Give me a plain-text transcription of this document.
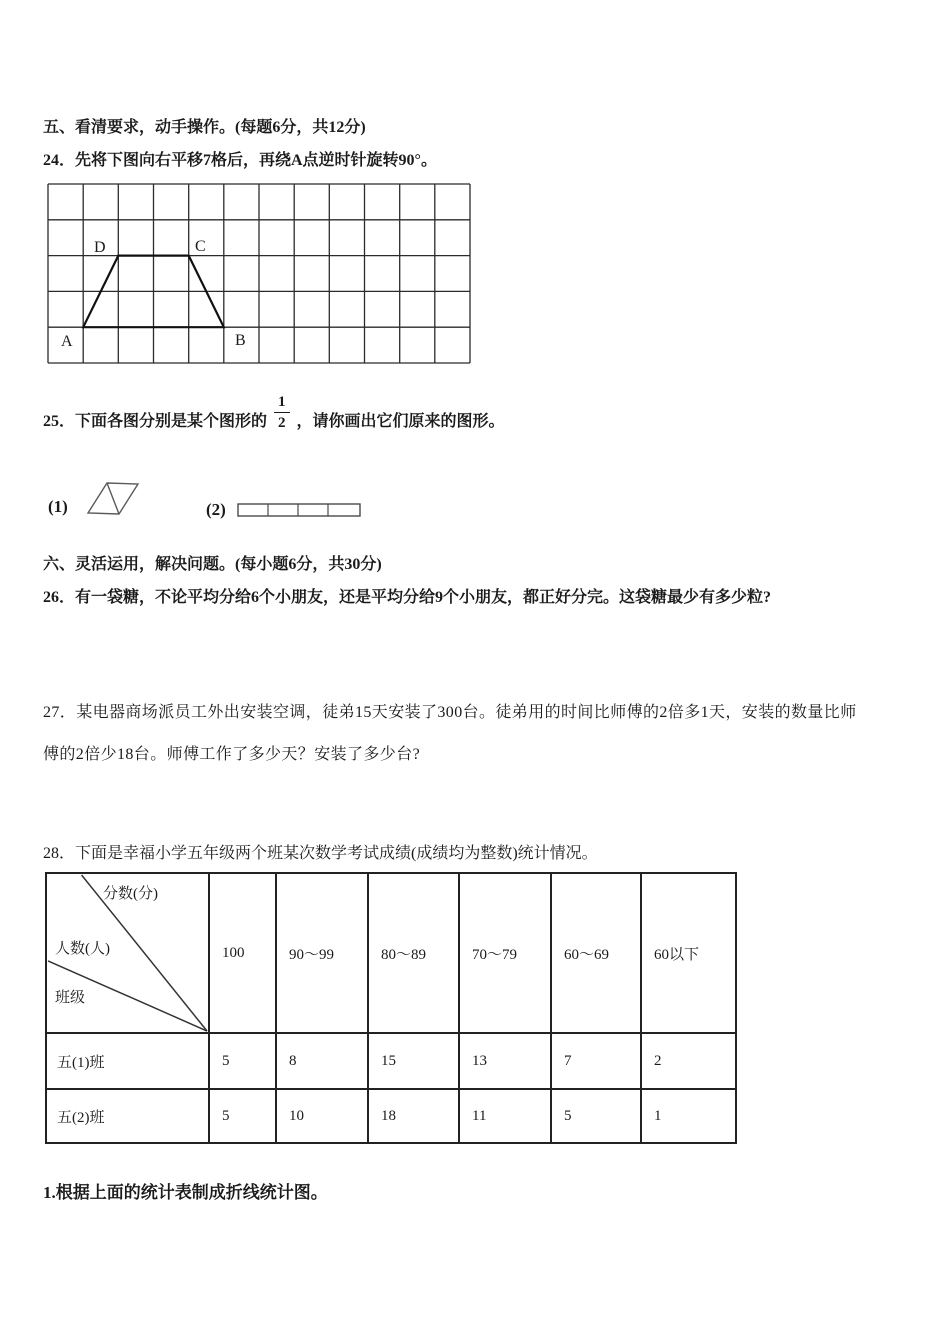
五、看清要求，动手操作。(每题6分，共12分)
24．先将下图向右平移7格后，再绕A点逆时针旋转90°。
A	B
C
D
25．下面各图分别是某个图形的 $\frac{1}{2}$ ，请你画出它们原来的图形。
(1)	(2)
六、灵活运用，解决问题。(每小题6分，共30分)
26．有一袋糖，不论平均分给6个小朋友，还是平均分给9个小朋友，都正好分完。这袋糖最少有多少粒?
27．某电器商场派员工外出安装空调，徒弟15天安装了300台。徒弟用的时间比师傅的2倍多1天，安装的数量比师
傅的2倍少18台。师傅工作了多少天？安装了多少台?
28．下面是幸福小学五年级两个班某次数学考试成绩(成绩均为整数)统计情况。
分数(分)
人数(人)
班级	100	90～99	80～89	70～79	60～69	60以下
五(1)班	5	8	15	13	7	2
五(2)班	5	10	18	11	5	1
1.根据上面的统计表制成折线统计图。
